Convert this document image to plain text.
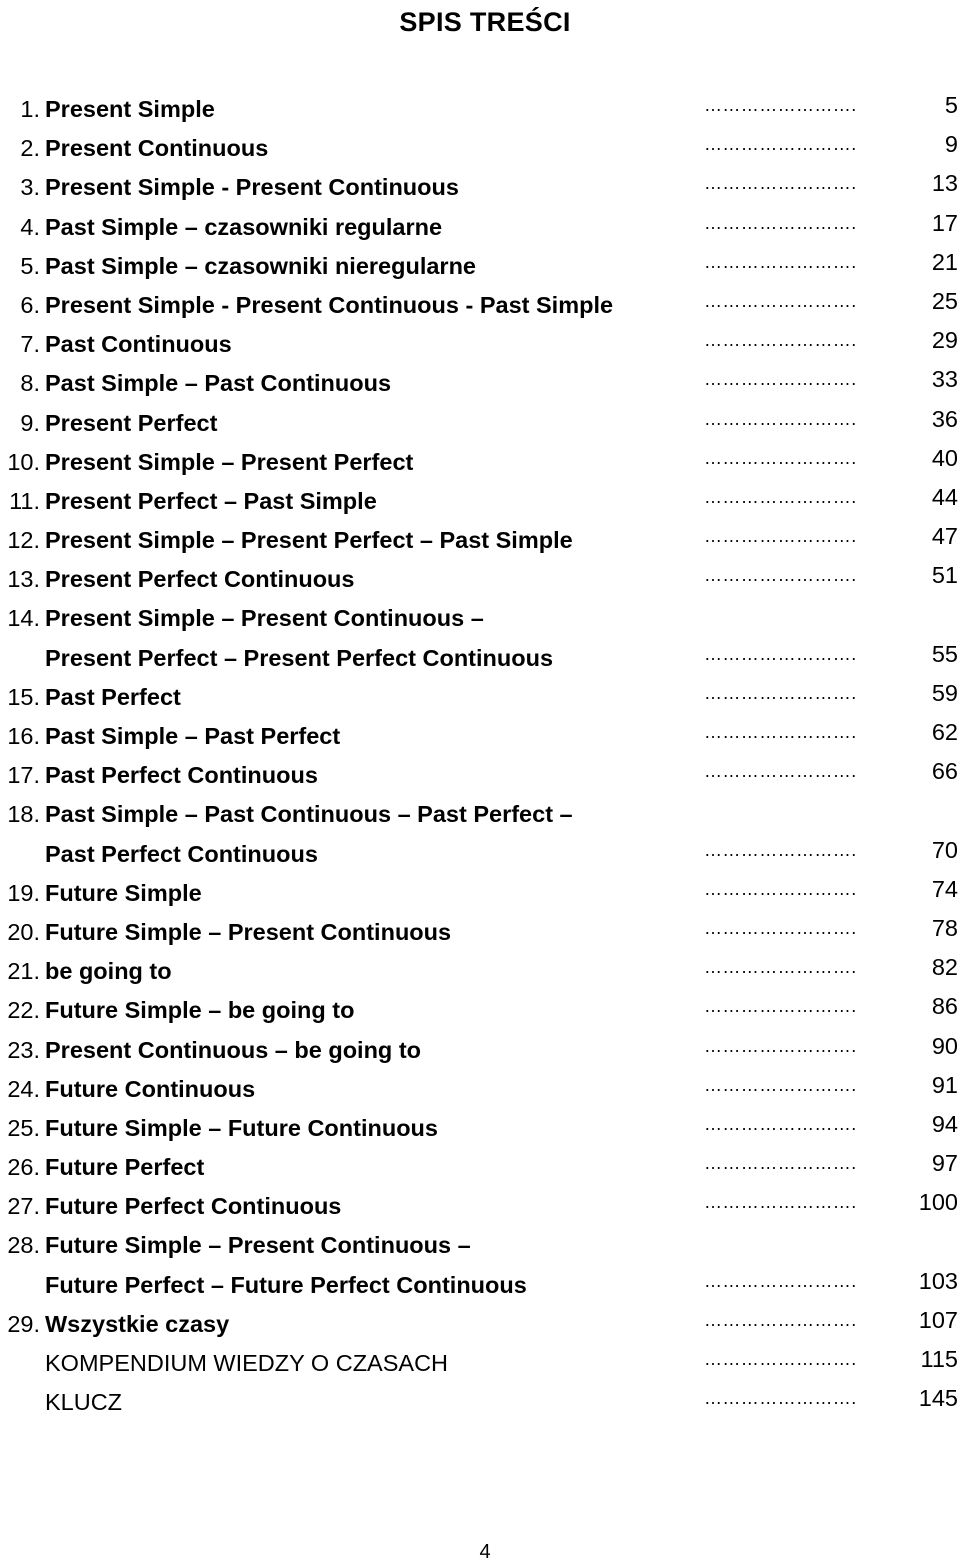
SPIS TREŚCI
1. Present Simple	…………………….	5
2. Present Continuous	…………………….	9
3. Present Simple - Present Continuous	…………………….	13
4. Past Simple – czasowniki regularne	…………………….	17
5. Past Simple – czasowniki nieregularne	…………………….	21
6. Present Simple - Present Continuous - Past Simple	…………………….	25
7. Past Continuous	…………………….	29
8. Past Simple – Past Continuous	…………………….	33
9. Present Perfect	…………………….	36
10. Present Simple – Present Perfect	…………………….	40
11. Present Perfect – Past Simple	…………………….	44
12. Present Simple – Present Perfect – Past Simple	…………………….	47
13. Present Perfect Continuous	…………………….	51
14. Present Simple – Present Continuous –
Present Perfect – Present Perfect Continuous	…………………….	55
15. Past Perfect	…………………….	59
16. Past Simple – Past Perfect	…………………….	62
17. Past Perfect Continuous	…………………….	66
18. Past Simple – Past Continuous – Past Perfect –
Past Perfect Continuous	…………………….	70
19. Future Simple	…………………….	74
20. Future Simple – Present Continuous	…………………….	78
21. be going to	…………………….	82
22. Future Simple – be going to	…………………….	86
23. Present Continuous – be going to	…………………….	90
24. Future Continuous	…………………….	91
25. Future Simple – Future Continuous	…………………….	94
26. Future Perfect	…………………….	97
27. Future Perfect Continuous	…………………….	100
28. Future Simple – Present Continuous –
Future Perfect – Future Perfect Continuous	…………………….	103
29. Wszystkie czasy	…………………….	107
KOMPENDIUM WIEDZY O CZASACH	…………………….	115
KLUCZ	…………………….	145
4
